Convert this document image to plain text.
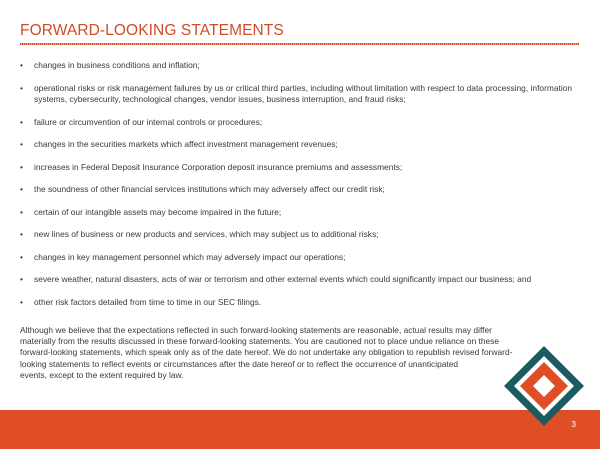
FORWARD-LOOKING STATEMENTS
• changes in business conditions and inflation;
• operational risks or risk management failures by us or critical third parties, including without limitation with respect to data processing, information systems, cybersecurity, technological changes, vendor issues, business interruption, and fraud risks;
• failure or circumvention of our internal controls or procedures;
• changes in the securities markets which affect investment management revenues;
• increases in Federal Deposit Insurance Corporation deposit insurance premiums and assessments;
• the soundness of other financial services institutions which may adversely affect our credit risk;
• certain of our intangible assets may become impaired in the future;
• new lines of business or new products and services, which may subject us to additional risks;
• changes in key management personnel which may adversely impact our operations;
• severe weather, natural disasters, acts of war or terrorism and other external events which could significantly impact our business; and
• other risk factors detailed from time to time in our SEC filings.
Although we believe that the expectations reflected in such forward-looking statements are reasonable, actual results may differ
materially from the results discussed in these forward-looking statements. You are cautioned not to place undue reliance on these
forward-looking statements, which speak only as of the date hereof. We do not undertake any obligation to republish revised forward-
looking statements to reflect events or circumstances after the date hereof or to reflect the occurrence of unanticipated
events, except to the extent required by law.
3
